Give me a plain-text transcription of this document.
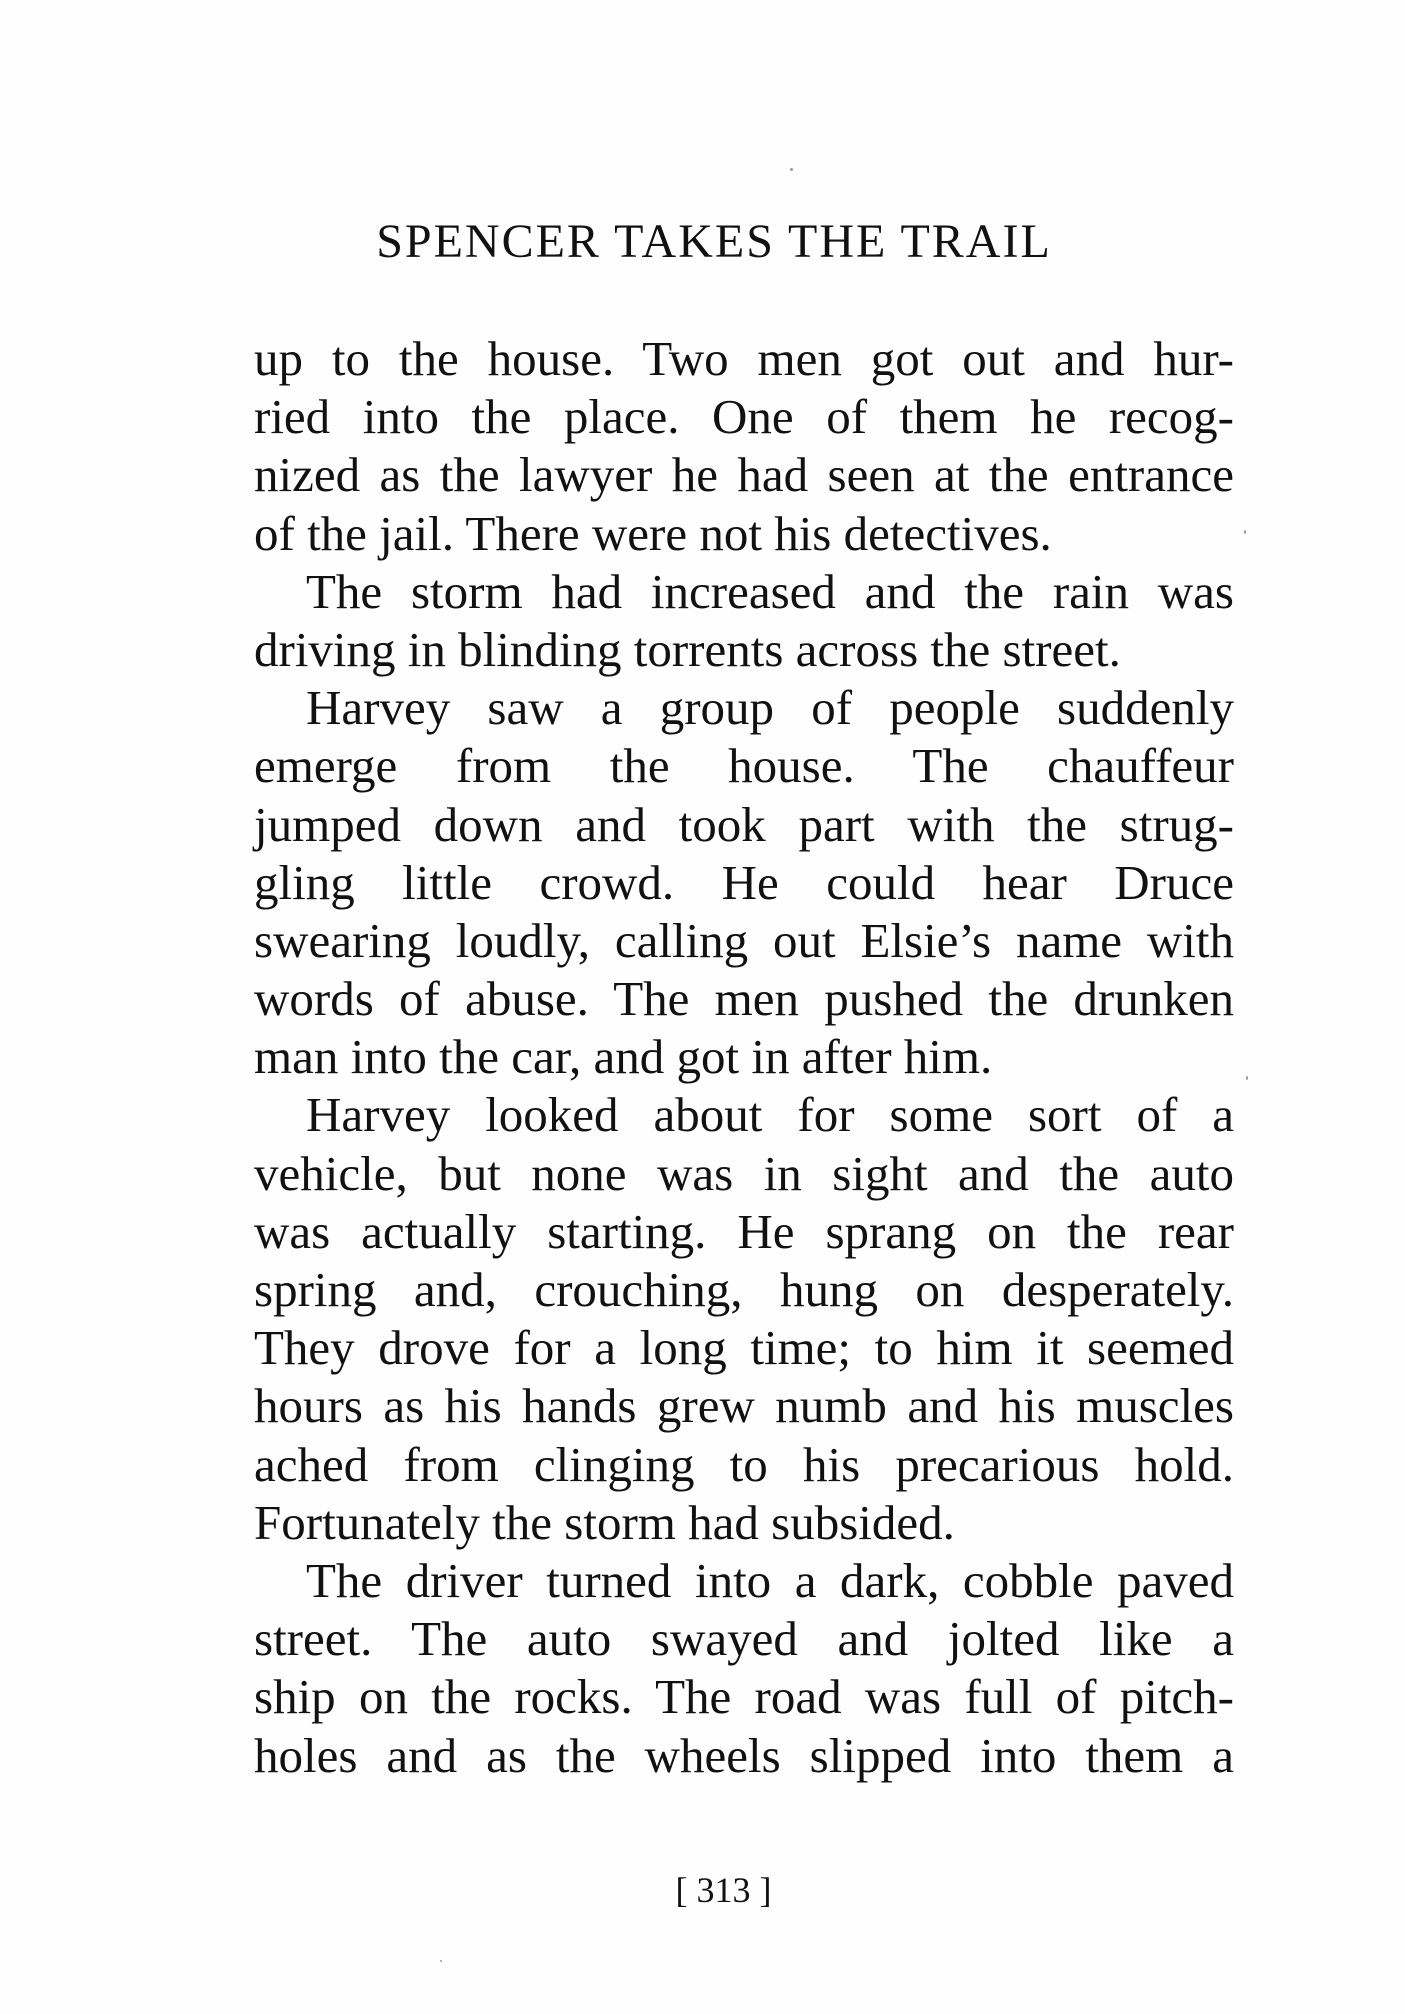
SPENCER TAKES THE TRAIL
up to the house. Two men got out and hur-
ried into the place. One of them he recog-
nized as the lawyer he had seen at the entrance
of the jail. There were not his detectives.
The storm had increased and the rain was
driving in blinding torrents across the street.
Harvey saw a group of people suddenly
emerge from the house. The chauffeur
jumped down and took part with the strug-
gling little crowd. He could hear Druce
swearing loudly, calling out Elsie’s name with
words of abuse. The men pushed the drunken
man into the car, and got in after him.
Harvey looked about for some sort of a
vehicle, but none was in sight and the auto
was actually starting. He sprang on the rear
spring and, crouching, hung on desperately.
They drove for a long time; to him it seemed
hours as his hands grew numb and his muscles
ached from clinging to his precarious hold.
Fortunately the storm had subsided.
The driver turned into a dark, cobble paved
street. The auto swayed and jolted like a
ship on the rocks. The road was full of pitch-
holes and as the wheels slipped into them a
[ 313 ]
